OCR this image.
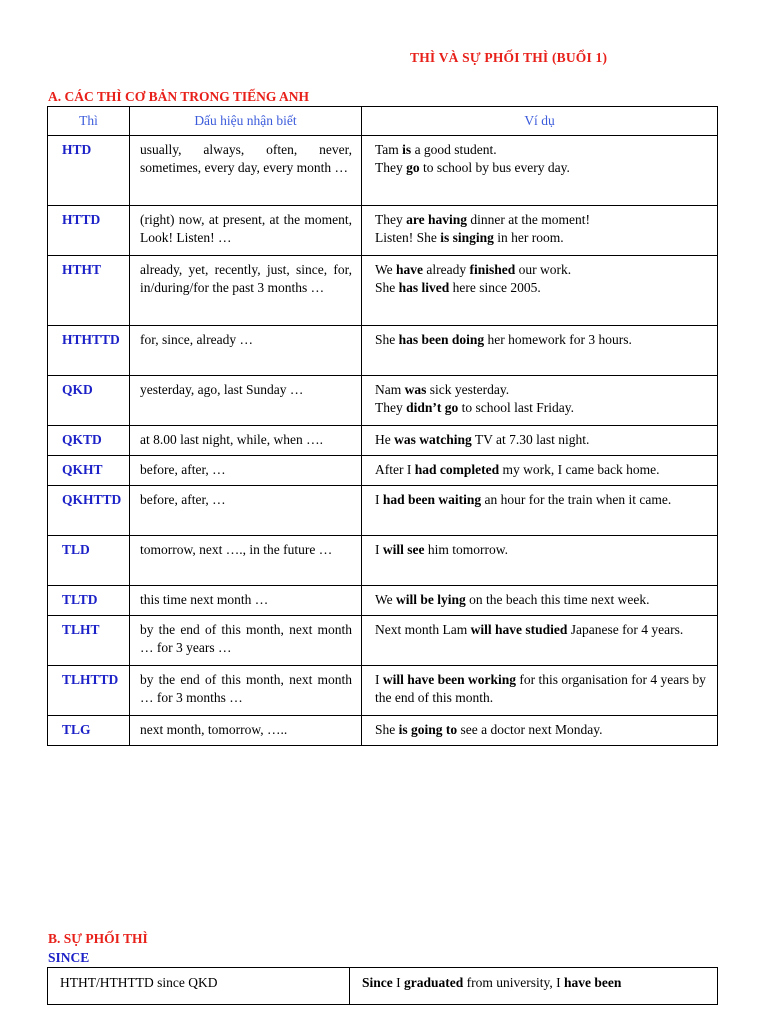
THÌ VÀ SỰ PHỐI THÌ (BUỔI 1)
A. CÁC THÌ CƠ BẢN TRONG TIẾNG ANH
Thì	Dấu hiệu nhận biết	Ví dụ
HTD	usually, always, often, never, sometimes, every day, every month …	Tam is a good student.
They go to school by bus every day.

HTTD	(right) now, at present, at the moment, Look! Listen! …	They are having dinner at the moment!
Listen! She is singing in her room.

HTHT	already, yet, recently, just, since, for, in/during/for the past 3 months …	We have already finished our work.
She has lived here since 2005.

HTHTTD	for, since, already …	She has been doing her homework for 3 hours.

QKD	yesterday, ago, last Sunday …	Nam was sick yesterday.
They didn’t go to school last Friday.

QKTD	at 8.00 last night, while, when ….	He was watching TV at 7.30 last night.

QKHT	before, after, …	After I had completed my work, I came back home.

QKHTTD	before, after, …	I had been waiting an hour for the train when it came.

TLD	tomorrow, next …., in the future …	I will see him tomorrow.

TLTD	this time next month …	We will be lying on the beach this time next week.

TLHT	by the end of this month, next month … for 3 years …	Next month Lam will have studied Japanese for 4 years.

TLHTTD	by the end of this month, next month … for 3 months …	I will have been working for this organisation for 4 years by the end of this month.

TLG	next month, tomorrow, …..	She is going to see a doctor next Monday.
B. SỰ PHỐI THÌ
SINCE
HTHT/HTHTTD since QKD	Since I graduated from university, I have been
